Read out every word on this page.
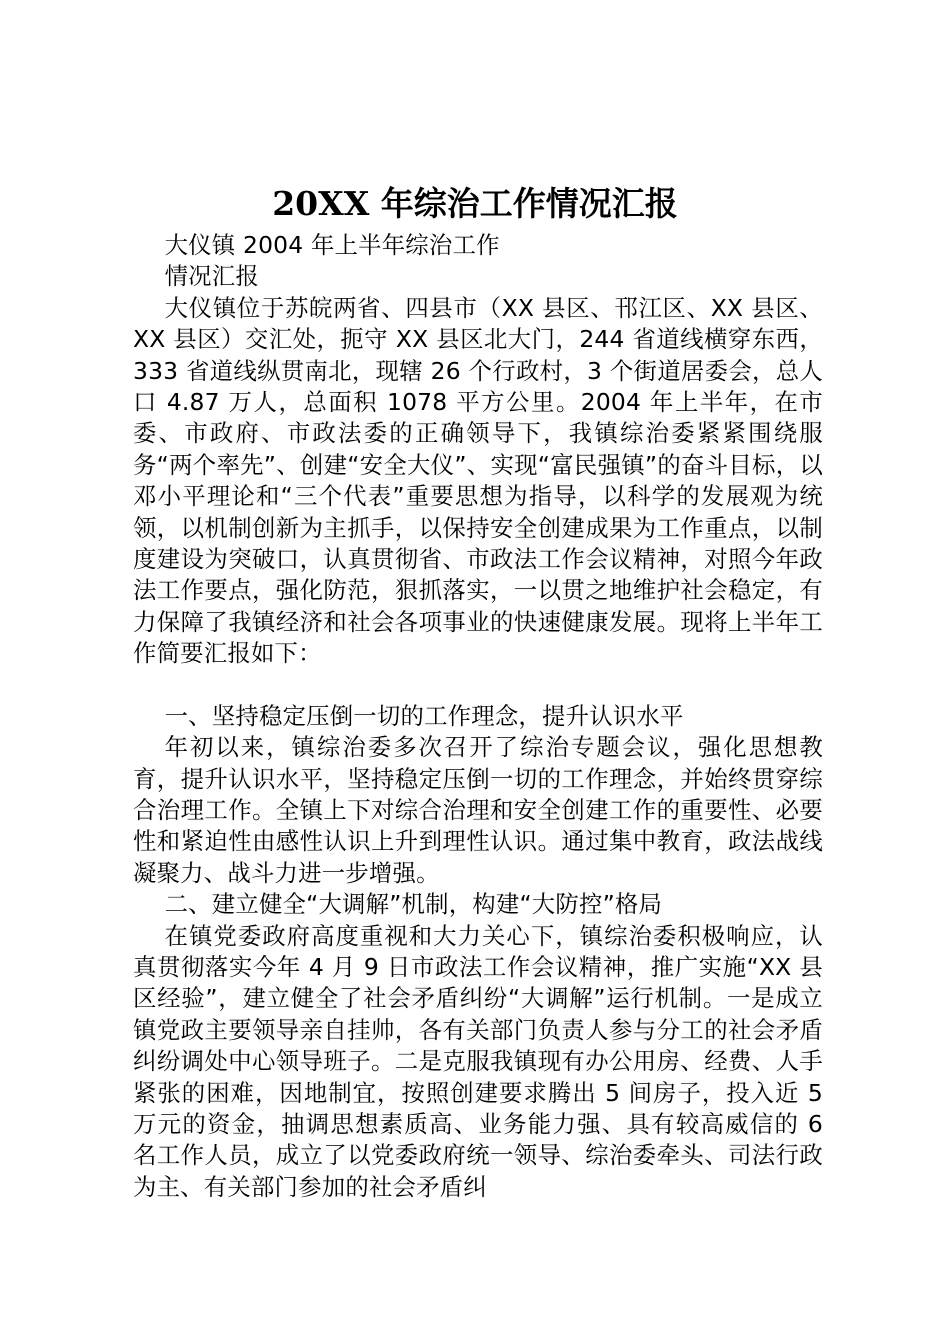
20XX 年综治工作情况汇报

大仪镇 2004 年上半年综治工作

情况汇报

大仪镇位于苏皖两省、四县市（XX 县区、邗江区、XX 县区、XX 县区）交汇处，扼守 XX 县区北大门，244 省道线横穿东西，333 省道线纵贯南北，现辖 26 个行政村，3 个街道居委会，总人口 4.87 万人，总面积 1078 平方公里。2004 年上半年，在市委、市政府、市政法委的正确领导下，我镇综治委紧紧围绕服务“两个率先”、创建“安全大仪”、实现“富民强镇”的奋斗目标，以邓小平理论和“三个代表”重要思想为指导，以科学的发展观为统领，以机制创新为主抓手，以保持安全创建成果为工作重点，以制度建设为突破口，认真贯彻省、市政法工作会议精神，对照今年政法工作要点，强化防范，狠抓落实，一以贯之地维护社会稳定，有力保障了我镇经济和社会各项事业的快速健康发展。现将上半年工作简要汇报如下：

一、坚持稳定压倒一切的工作理念，提升认识水平

年初以来，镇综治委多次召开了综治专题会议，强化思想教育，提升认识水平，坚持稳定压倒一切的工作理念，并始终贯穿综合治理工作。全镇上下对综合治理和安全创建工作的重要性、必要性和紧迫性由感性认识上升到理性认识。通过集中教育，政法战线凝聚力、战斗力进一步增强。

二、建立健全“大调解”机制，构建“大防控”格局

在镇党委政府高度重视和大力关心下，镇综治委积极响应，认真贯彻落实今年 4 月 9 日市政法工作会议精神，推广实施“XX 县区经验”，建立健全了社会矛盾纠纷“大调解”运行机制。一是成立镇党政主要领导亲自挂帅，各有关部门负责人参与分工的社会矛盾纠纷调处中心领导班子。二是克服我镇现有办公用房、经费、人手紧张的困难，因地制宜，按照创建要求腾出 5 间房子，投入近 5 万元的资金，抽调思想素质高、业务能力强、具有较高威信的 6 名工作人员，成立了以党委政府统一领导、综治委牵头、司法行政为主、有关部门参加的社会矛盾纠
